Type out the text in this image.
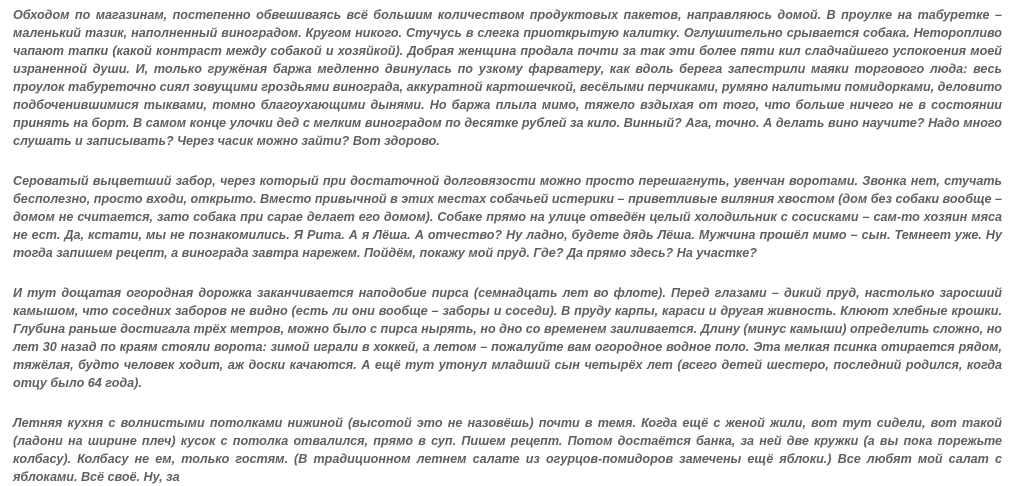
Обходом по магазинам, постепенно обвешиваясь всё большим количеством продуктовых пакетов, направляюсь домой. В проулке на табуретке – маленький тазик, наполненный виноградом. Кругом никого. Стучусь в слегка приоткрытую калитку. Оглушительно срывается собака. Неторопливо чапают тапки (какой контраст между собакой и хозяйкой). Добрая женщина продала почти за так эти более пяти кил сладчайшего успокоения моей израненной души. И, только гружёная баржа медленно двинулась по узкому фарватеру, как вдоль берега запестрили маяки торгового люда: весь проулок табуреточно сиял зовущими гроздьями винограда, аккуратной картошечкой, весёлыми перчиками, румяно налитыми помидорками, деловито подбоченившимися тыквами, томно благоухающими дынями. Но баржа плыла мимо, тяжело вздыхая от того, что больше ничего не в состоянии принять на борт. В самом конце улочки дед с мелким виноградом по десятке рублей за кило. Винный? Ага, точно. А делать вино научите? Надо много слушать и записывать? Через часик можно зайти? Вот здорово.

Сероватый выцветший забор, через который при достаточной долговязости можно просто перешагнуть, увенчан воротами. Звонка нет, стучать бесполезно, просто входи, открыто. Вместо привычной в этих местах собачьей истерики – приветливые виляния хвостом (дом без собаки вообще – домом не считается, зато собака при сарае делает его домом). Собаке прямо на улице отведён целый холодильник с сосисками – сам-то хозяин мяса не ест. Да, кстати, мы не познакомились. Я Рита. А я Лёша. А отчество? Ну ладно, будете дядь Лёша. Мужчина прошёл мимо – сын. Темнеет уже. Ну тогда запишем рецепт, а винограда завтра нарежем. Пойдём, покажу мой пруд. Где? Да прямо здесь? На участке?

И тут дощатая огородная дорожка заканчивается наподобие пирса (семнадцать лет во флоте). Перед глазами – дикий пруд, настолько заросший камышом, что соседних заборов не видно (есть ли они вообще – заборы и соседи). В пруду карпы, караси и другая живность. Клюют хлебные крошки. Глубина раньше достигала трёх метров, можно было с пирса нырять, но дно со временем заиливается. Длину (минус камыши) определить сложно, но лет 30 назад по краям стояли ворота: зимой играли в хоккей, а летом – пожалуйте вам огородное водное поло. Эта мелкая псинка отирается рядом, тяжёлая, будто человек ходит, аж доски качаются. А ещё тут утонул младший сын четырёх лет (всего детей шестеро, последний родился, когда отцу было 64 года).

Летняя кухня с волнистыми потолками нижиной (высотой это не назовёшь) почти в темя. Когда ещё с женой жили, вот тут сидели, вот такой (ладони на ширине плеч) кусок с потолка отвалился, прямо в суп. Пишем рецепт. Потом достаётся банка, за ней две кружки (а вы пока порежьте колбасу). Колбасу не ем, только гостям. (В традиционном летнем салате из огурцов-помидоров замечены ещё яблоки.) Все любят мой салат с яблоками. Всё своё. Ну, за
